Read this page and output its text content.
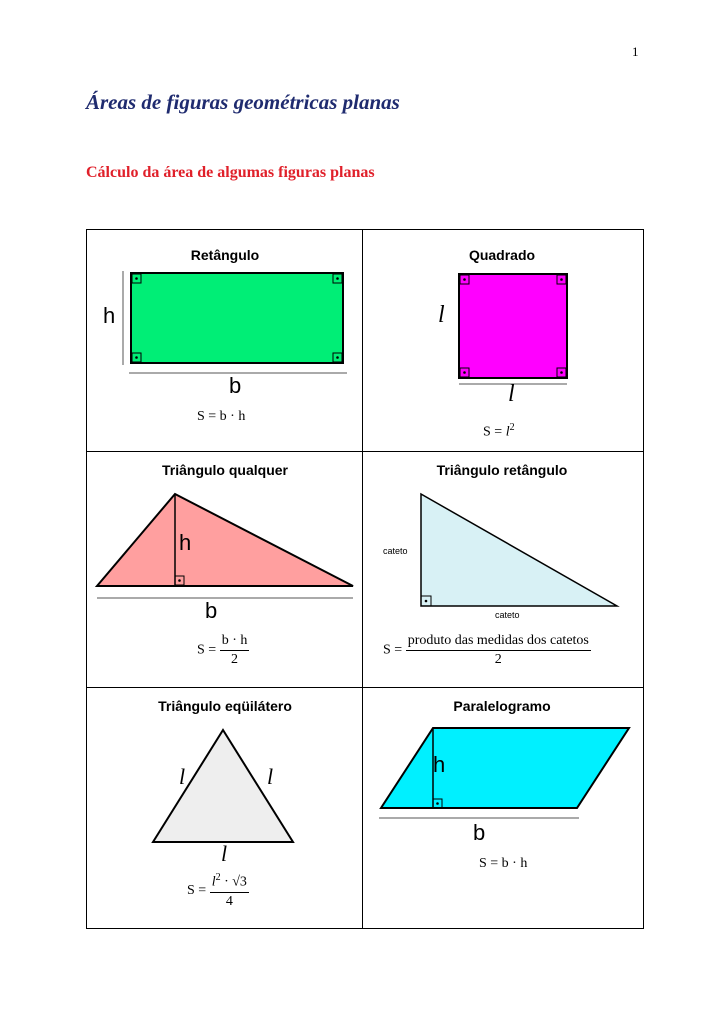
1
Áreas de figuras geométricas planas
Cálculo da área de algumas figuras planas
Retângulo
h
b
S = b · h
Quadrado
l
l
$S = l^2$
Triângulo qualquer
h
b
$S = \frac{b \cdot h}{2}$
Triângulo retângulo
cateto
cateto
$S = \frac{\text{produto das medidas dos catetos}}{2}$
Triângulo eqüilátero
l	l
l
$S = \frac{l^2 \cdot √3}{4}$
Paralelogramo
h
b
S = b · h
